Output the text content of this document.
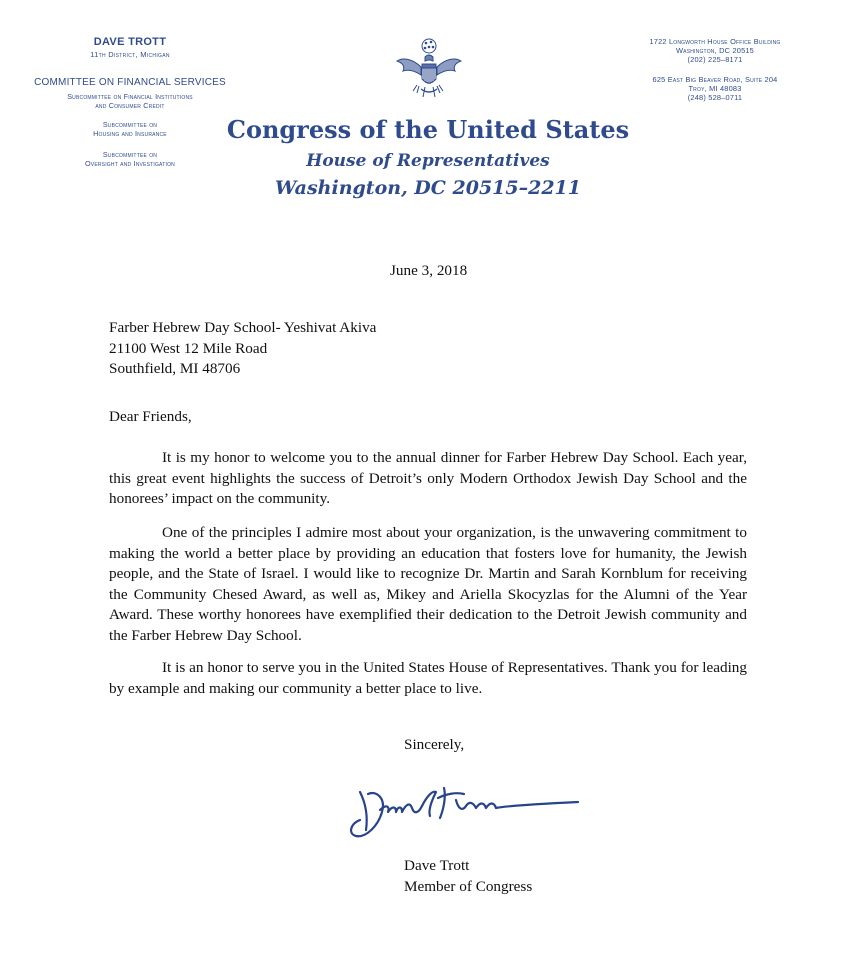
DAVE TROTT
11th District, Michigan
COMMITTEE ON FINANCIAL SERVICES
Subcommittee on Financial Institutions
and Consumer Credit
Subcommittee on
Housing and Insurance
Subcommittee on
Oversight and Investigation
1722 Longworth House Office Building
Washington, DC 20515
(202) 225–8171
625 East Big Beaver Road, Suite 204
Troy, MI 48083
(248) 528–0711
Congress of the United States
House of Representatives
Washington, DC 20515–2211
June 3, 2018
Farber Hebrew Day School- Yeshivat Akiva
21100 West 12 Mile Road
Southfield, MI 48706
Dear Friends,
It is my honor to welcome you to the annual dinner for Farber Hebrew Day School. Each year, this great event highlights the success of Detroit’s only Modern Orthodox Jewish Day School and the honorees’ impact on the community.
One of the principles I admire most about your organization, is the unwavering commitment to making the world a better place by providing an education that fosters love for humanity, the Jewish people, and the State of Israel. I would like to recognize Dr. Martin and Sarah Kornblum for receiving the Community Chesed Award, as well as, Mikey and Ariella Skocyzlas for the Alumni of the Year Award. These worthy honorees have exemplified their dedication to the Detroit Jewish community and the Farber Hebrew Day School.
It is an honor to serve you in the United States House of Representatives. Thank you for leading by example and making our community a better place to live.
Sincerely,
Dave Trott
Member of Congress
